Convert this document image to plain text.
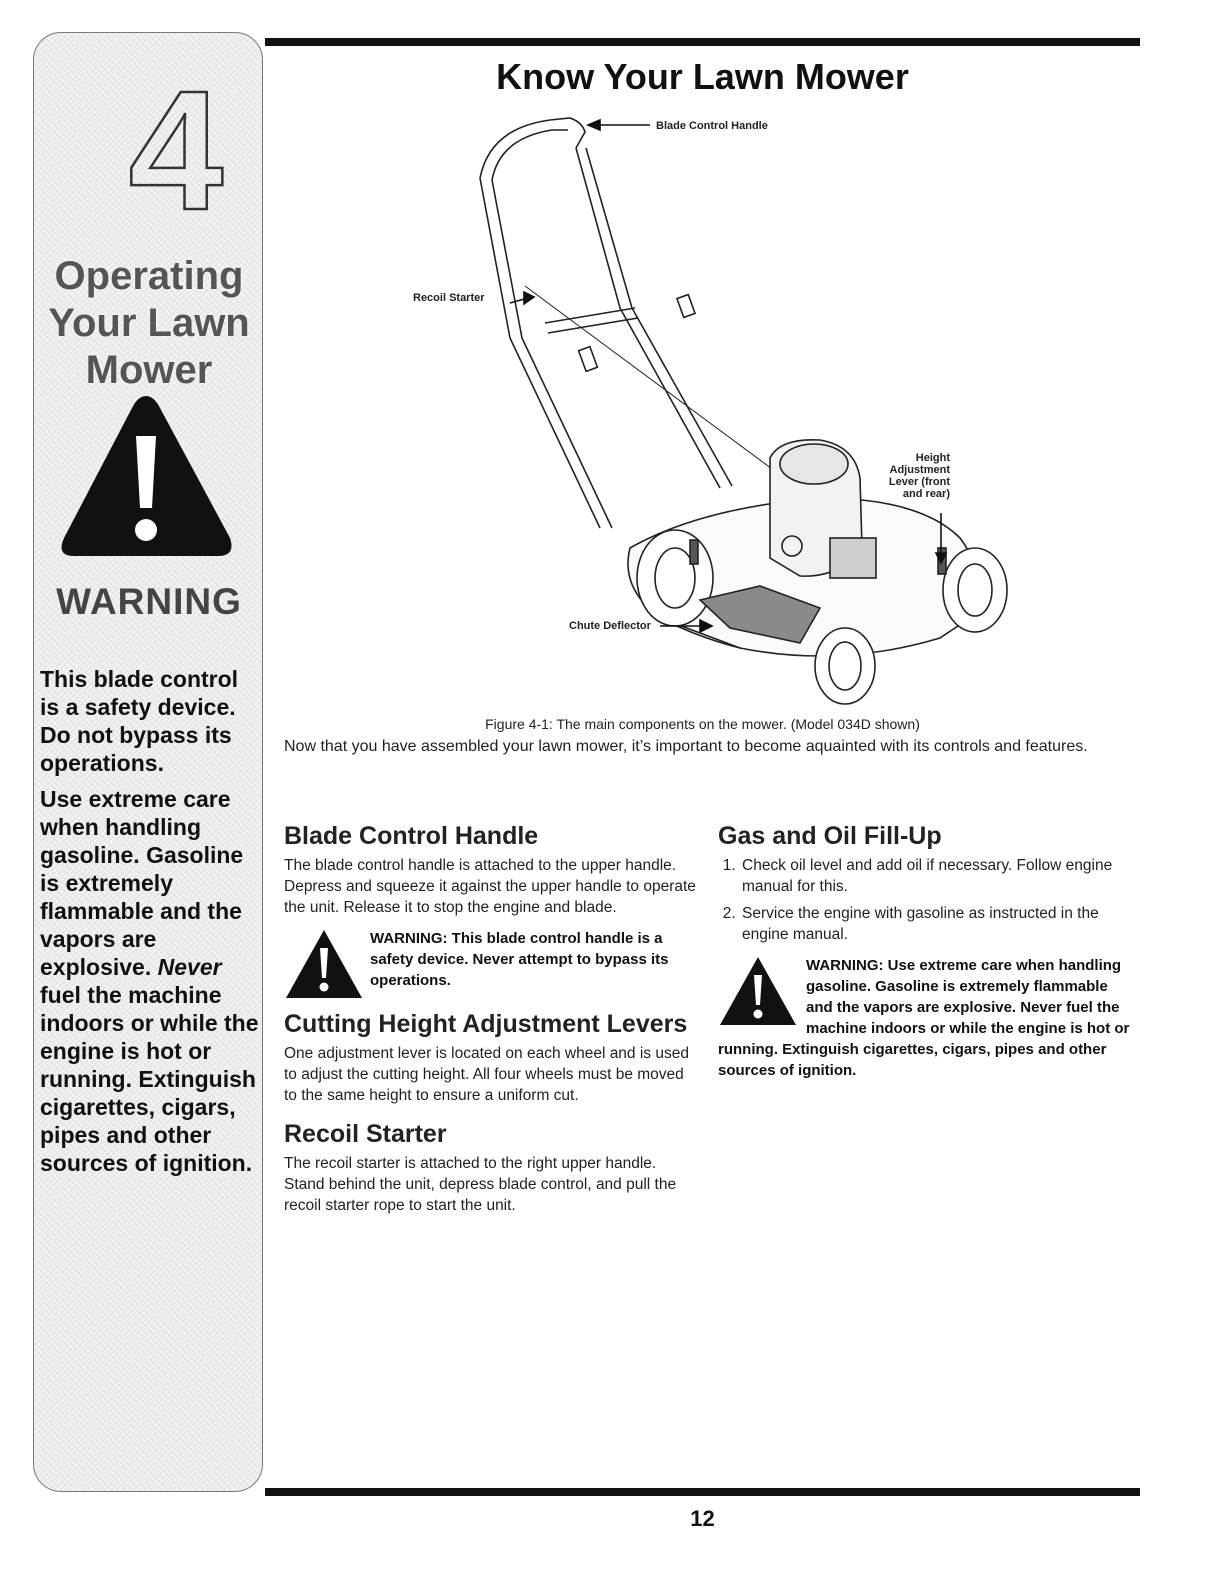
4
Operating
Your Lawn
Mower
WARNING
This blade control is a safety device. Do not bypass its operations.
Use extreme care when handling gasoline. Gasoline is extremely flammable and the vapors are explosive. Never fuel the machine indoors or while the engine is hot or running. Extinguish cigarettes, cigars, pipes and other sources of ignition.
Know Your Lawn Mower
Blade Control Handle
Recoil Starter
Height
Adjustment
Lever (front
and rear)
Chute Deflector
Figure 4-1: The main components on the mower. (Model 034D shown)
Now that you have assembled your lawn mower, it’s important to become aquainted with its controls and features.
Blade Control Handle

The blade control handle is attached to the upper handle. Depress and squeeze it against the upper handle to operate the unit. Release it to stop the engine and blade.

WARNING: This blade control handle is a safety device. Never attempt to bypass its operations.
Cutting Height Adjustment Levers

One adjustment lever is located on each wheel and is used to adjust the cutting height. All four wheels must be moved to the same height to ensure a uniform cut.

Recoil Starter

The recoil starter is attached to the right upper handle. Stand behind the unit, depress blade control, and pull the recoil starter rope to start the unit.

Gas and Oil Fill-Up
1. Check oil level and add oil if necessary. Follow engine manual for this.
2. Service the engine with gasoline as instructed in the engine manual.
WARNING: Use extreme care when handling gasoline. Gasoline is extremely flammable and the vapors are explosive. Never fuel the machine indoors or while the engine is hot or running. Extinguish cigarettes, cigars, pipes and other sources of ignition.
12
